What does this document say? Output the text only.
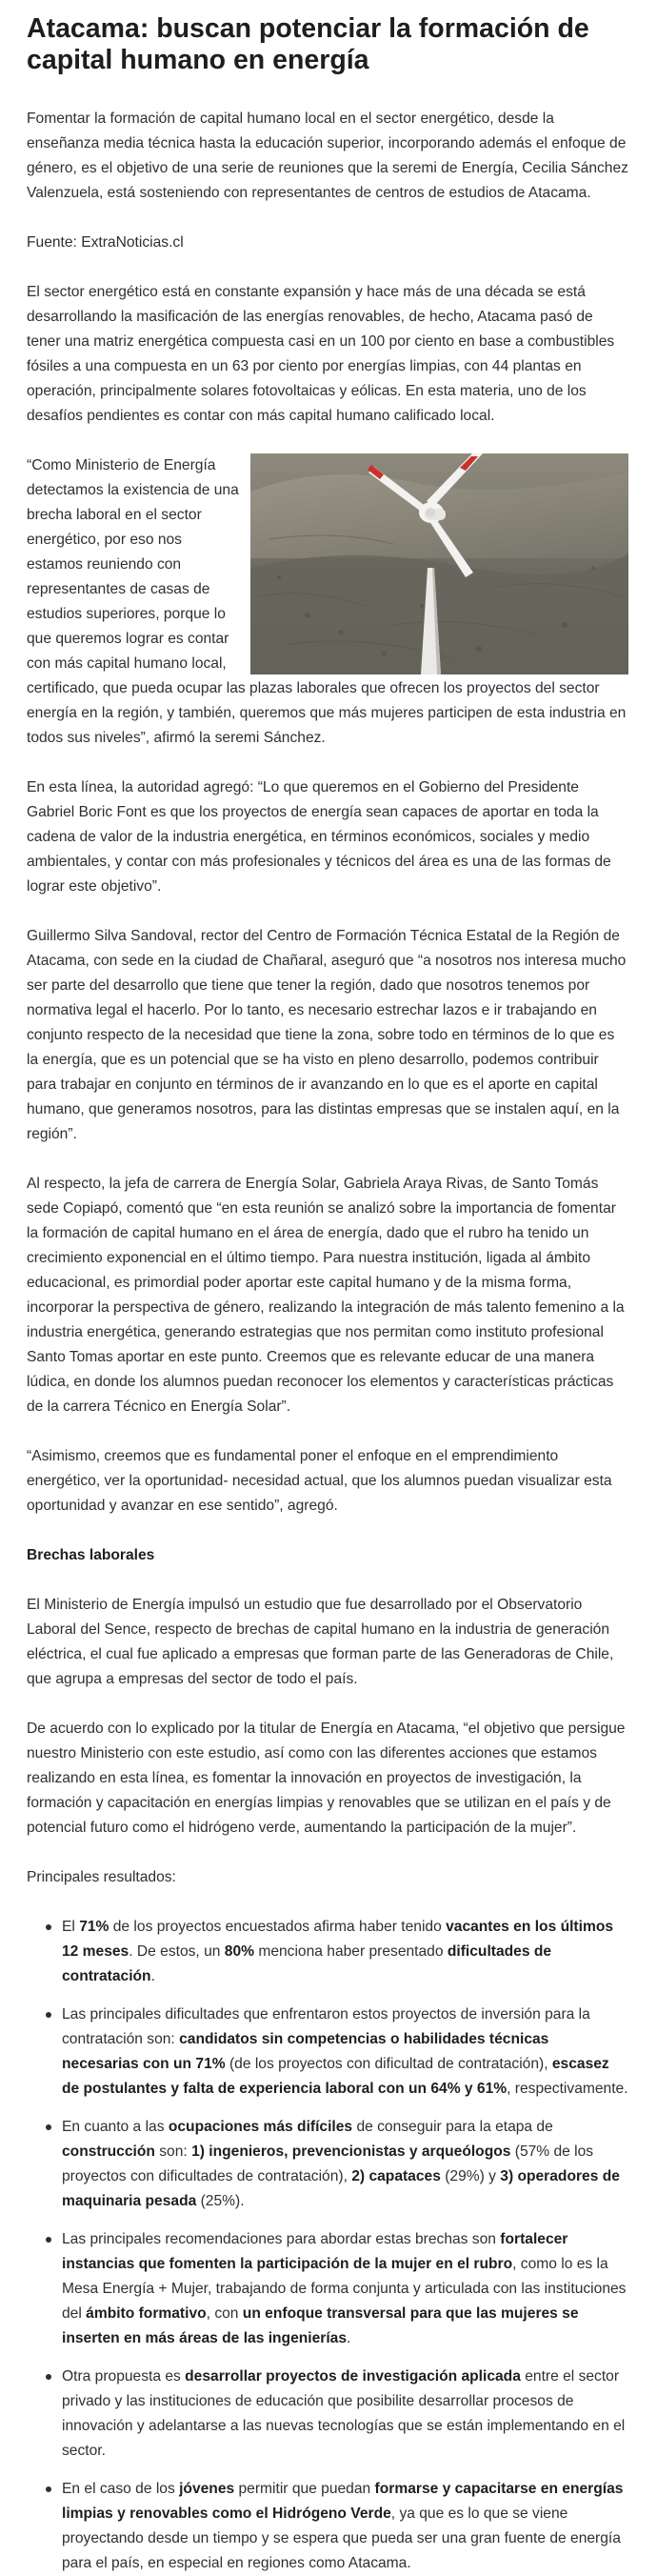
Atacama: buscan potenciar la formación de capital humano en energía

Fomentar la formación de capital humano local en el sector energético, desde la enseñanza media técnica hasta la educación superior, incorporando además el enfoque de género, es el objetivo de una serie de reuniones que la seremi de Energía, Cecilia Sánchez Valenzuela, está sosteniendo con representantes de centros de estudios de Atacama.

Fuente: ExtraNoticias.cl

El sector energético está en constante expansión y hace más de una década se está desarrollando la masificación de las energías renovables, de hecho, Atacama pasó de tener una matriz energética compuesta casi en un 100 por ciento en base a combustibles fósiles a una compuesta en un 63 por ciento por energías limpias, con 44 plantas en operación, principalmente solares fotovoltaicas y eólicas. En esta materia, uno de los desafíos pendientes es contar con más capital humano calificado local.

“Como Ministerio de Energía detectamos la existencia de una brecha laboral en el sector energético, por eso nos estamos reuniendo con representantes de casas de estudios superiores, porque lo que queremos lograr es contar con más capital humano local, certificado, que pueda ocupar las plazas laborales que ofrecen los proyectos del sector energía en la región, y también, queremos que más mujeres participen de esta industria en todos sus niveles”, afirmó la seremi Sánchez.

En esta línea, la autoridad agregó: “Lo que queremos en el Gobierno del Presidente Gabriel Boric Font es que los proyectos de energía sean capaces de aportar en toda la cadena de valor de la industria energética, en términos económicos, sociales y medio ambientales, y contar con más profesionales y técnicos del área es una de las formas de lograr este objetivo”.

Guillermo Silva Sandoval, rector del Centro de Formación Técnica Estatal de la Región de Atacama, con sede en la ciudad de Chañaral, aseguró que “a nosotros nos interesa mucho ser parte del desarrollo que tiene que tener la región, dado que nosotros tenemos por normativa legal el hacerlo. Por lo tanto, es necesario estrechar lazos e ir trabajando en conjunto respecto de la necesidad que tiene la zona, sobre todo en términos de lo que es la energía, que es un potencial que se ha visto en pleno desarrollo, podemos contribuir para trabajar en conjunto en términos de ir avanzando en lo que es el aporte en capital humano, que generamos nosotros, para las distintas empresas que se instalen aquí, en la región”.

Al respecto, la jefa de carrera de Energía Solar, Gabriela Araya Rivas, de Santo Tomás sede Copiapó, comentó que “en esta reunión se analizó sobre la importancia de fomentar la formación de capital humano en el área de energía, dado que el rubro ha tenido un crecimiento exponencial en el último tiempo. Para nuestra institución, ligada al ámbito educacional, es primordial poder aportar este capital humano y de la misma forma, incorporar la perspectiva de género, realizando la integración de más talento femenino a la industria energética, generando estrategias que nos permitan como instituto profesional Santo Tomas aportar en este punto. Creemos que es relevante educar de una manera lúdica, en donde los alumnos puedan reconocer los elementos y características prácticas de la carrera Técnico en Energía Solar”.

“Asimismo, creemos que es fundamental poner el enfoque en el emprendimiento energético, ver la oportunidad- necesidad actual, que los alumnos puedan visualizar esta oportunidad y avanzar en ese sentido”, agregó.

Brechas laborales

El Ministerio de Energía impulsó un estudio que fue desarrollado por el Observatorio Laboral del Sence, respecto de brechas de capital humano en la industria de generación eléctrica, el cual fue aplicado a empresas que forman parte de las Generadoras de Chile, que agrupa a empresas del sector de todo el país.

De acuerdo con lo explicado por la titular de Energía en Atacama, “el objetivo que persigue nuestro Ministerio con este estudio, así como con las diferentes acciones que estamos realizando en esta línea, es fomentar la innovación en proyectos de investigación, la formación y capacitación en energías limpias y renovables que se utilizan en el país y de potencial futuro como el hidrógeno verde, aumentando la participación de la mujer”.

Principales resultados:

El 71% de los proyectos encuestados afirma haber tenido vacantes en los últimos 12 meses. De estos, un 80% menciona haber presentado dificultades de contratación.
Las principales dificultades que enfrentaron estos proyectos de inversión para la contratación son: candidatos sin competencias o habilidades técnicas necesarias con un 71% (de los proyectos con dificultad de contratación), escasez de postulantes y falta de experiencia laboral con un 64% y 61%, respectivamente.
En cuanto a las ocupaciones más difíciles de conseguir para la etapa de construcción son: 1) ingenieros, prevencionistas y arqueólogos (57% de los proyectos con dificultades de contratación), 2) capataces (29%) y 3) operadores de maquinaria pesada (25%).
Las principales recomendaciones para abordar estas brechas son fortalecer instancias que fomenten la participación de la mujer en el rubro, como lo es la Mesa Energía + Mujer, trabajando de forma conjunta y articulada con las instituciones del ámbito formativo, con un enfoque transversal para que las mujeres se inserten en más áreas de las ingenierías.
Otra propuesta es desarrollar proyectos de investigación aplicada entre el sector privado y las instituciones de educación que posibilite desarrollar procesos de innovación y adelantarse a las nuevas tecnologías que se están implementando en el sector.
En el caso de los jóvenes permitir que puedan formarse y capacitarse en energías limpias y renovables como el Hidrógeno Verde, ya que es lo que se viene proyectando desde un tiempo y se espera que pueda ser una gran fuente de energía para el país, en especial en regiones como Atacama.
